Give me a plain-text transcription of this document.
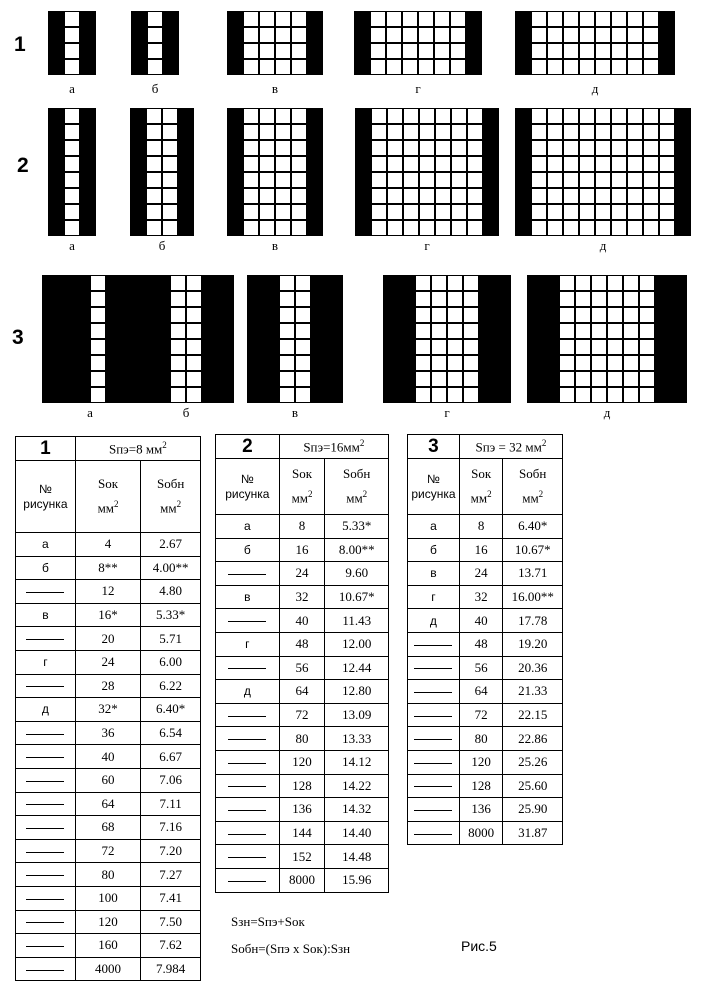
1
2
3
а	б	в	г	д
а	б	в	г	д
а	б	в	г	д
1	Sпэ=8 $мм^2$
№
рисунка	Sок
$мм^2$	Sобн
$мм^2$
а	4	2.67
б	8**	4.00**
	12	4.80
в	16*	5.33*
	20	5.71
г	24	6.00
	28	6.22
д	32*	6.40*
	36	6.54
	40	6.67
	60	7.06
	64	7.11
	68	7.16
	72	7.20
	80	7.27
	100	7.41
	120	7.50
	160	7.62
	4000	7.984
2	$Sпэ=16мм^2$
№
рисунка	Sок
$мм^2$	Sобн
$мм^2$
а	8	5.33*
б	16	8.00**
	24	9.60
в	32	10.67*
	40	11.43
г	48	12.00
	56	12.44
д	64	12.80
	72	13.09
	80	13.33
	120	14.12
	128	14.22
	136	14.32
	144	14.40
	152	14.48
	8000	15.96
3	Sпэ = 32 $мм^2$
№
рисунка	Sок
$мм^2$	Sобн
$мм^2$
а	8	6.40*
б	16	10.67*
в	24	13.71
г	32	16.00**
д	40	17.78
	48	19.20
	56	20.36
	64	21.33
	72	22.15
	80	22.86
	120	25.26
	128	25.60
	136	25.90
	8000	31.87
Sзн=Sпэ+Sок
Sобн=(Sпэ x Sок):Sзн	Рис.5
